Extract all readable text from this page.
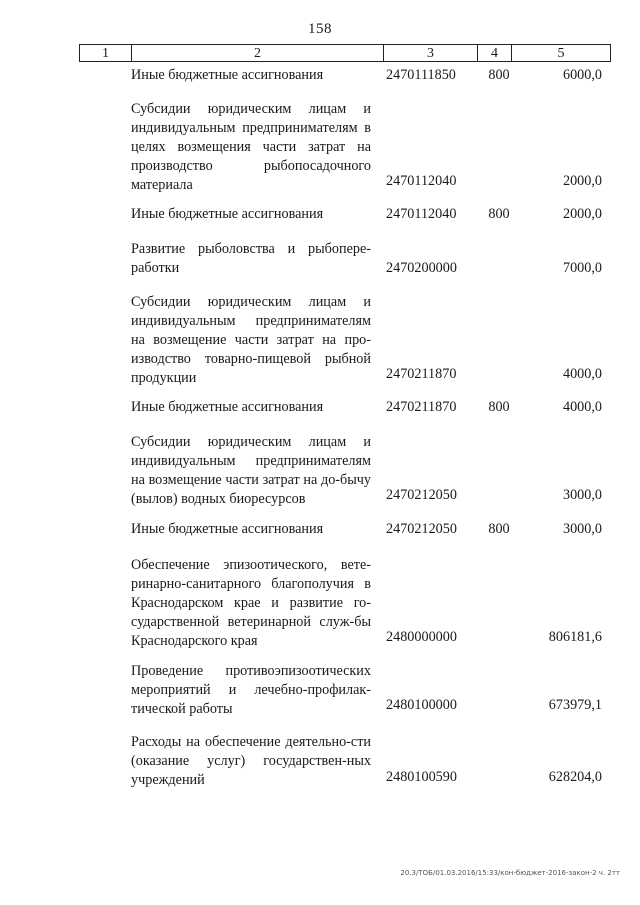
158
1	2	3	4	5
Иные бюджетные ассигнования	2470111850	800	6000,0
Субсидии юридическим лицам и индивидуальным предпринимателям в целях возмещения части затрат на производство рыбопосадочного материала	2470112040	2000,0
Иные бюджетные ассигнования	2470112040	800	2000,0
Развитие рыболовства и рыбопере-работки	2470200000	7000,0
Субсидии юридическим лицам и индивидуальным предпринимателям на возмещение части затрат на про-изводство товарно-пищевой рыбной продукции	2470211870	4000,0
Иные бюджетные ассигнования	2470211870	800	4000,0
Субсидии юридическим лицам и индивидуальным предпринимателям на возмещение части затрат на до-бычу (вылов) водных биоресурсов	2470212050	3000,0
Иные бюджетные ассигнования	2470212050	800	3000,0
Обеспечение эпизоотического, вете-ринарно-санитарного благополучия в Краснодарском крае и развитие го-сударственной ветеринарной служ-бы Краснодарского края	2480000000	806181,6
Проведение противоэпизоотических мероприятий и лечебно-профилак-тической работы	2480100000	673979,1
Расходы на обеспечение деятельно-сти (оказание услуг) государствен-ных учреждений	2480100590	628204,0
20.3/ТОБ/01.03.2016/15:33/кон-бюджет-2016-закон-2 ч. 2тт
